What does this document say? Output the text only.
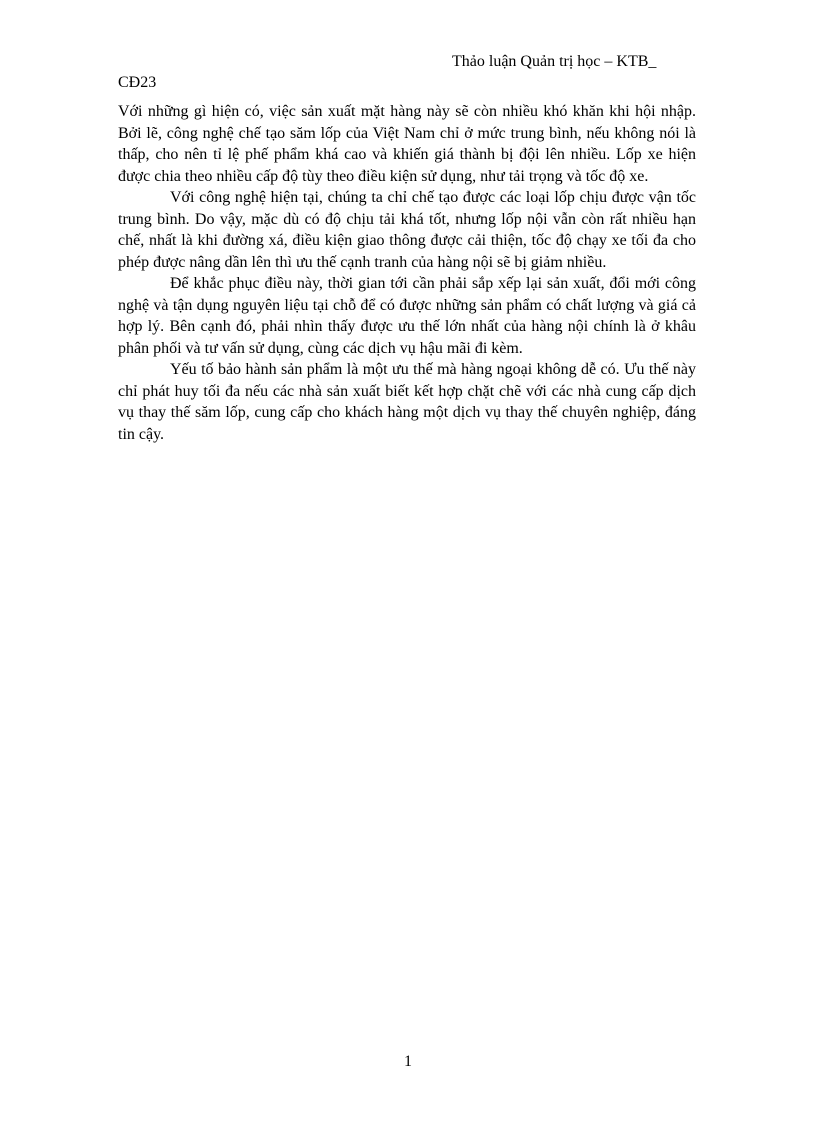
Thảo luận Quản trị học – KTB_
CĐ23

Với những gì hiện có, việc sản xuất mặt hàng này sẽ còn nhiều khó khăn khi hội nhập. Bởi lẽ, công nghệ chế tạo săm lốp của Việt Nam chỉ ở mức trung bình, nếu không nói là thấp, cho nên tỉ lệ phế phẩm khá cao và khiến giá thành bị đội lên nhiều. Lốp xe hiện được chia theo nhiều cấp độ tùy theo điều kiện sử dụng, như tải trọng và tốc độ xe.

Với công nghệ hiện tại, chúng ta chỉ chế tạo được các loại lốp chịu được vận tốc trung bình. Do vậy, mặc dù có độ chịu tải khá tốt, nhưng lốp nội vẫn còn rất nhiều hạn chế, nhất là khi đường xá, điều kiện giao thông được cải thiện, tốc độ chạy xe tối đa cho phép được nâng dần lên thì ưu thế cạnh tranh của hàng nội sẽ bị giảm nhiều.

Để khắc phục điều này, thời gian tới cần phải sắp xếp lại sản xuất, đổi mới công nghệ và tận dụng nguyên liệu tại chỗ để có được những sản phẩm có chất lượng và giá cả hợp lý. Bên cạnh đó, phải nhìn thấy được ưu thế lớn nhất của hàng nội chính là ở khâu phân phối và tư vấn sử dụng, cùng các dịch vụ hậu mãi đi kèm.

Yếu tố bảo hành sản phẩm là một ưu thế mà hàng ngoại không dễ có. Ưu thế này chỉ phát huy tối đa nếu các nhà sản xuất biết kết hợp chặt chẽ với các nhà cung cấp dịch vụ thay thế săm lốp, cung cấp cho khách hàng một dịch vụ thay thế chuyên nghiệp, đáng tin cậy.

1
